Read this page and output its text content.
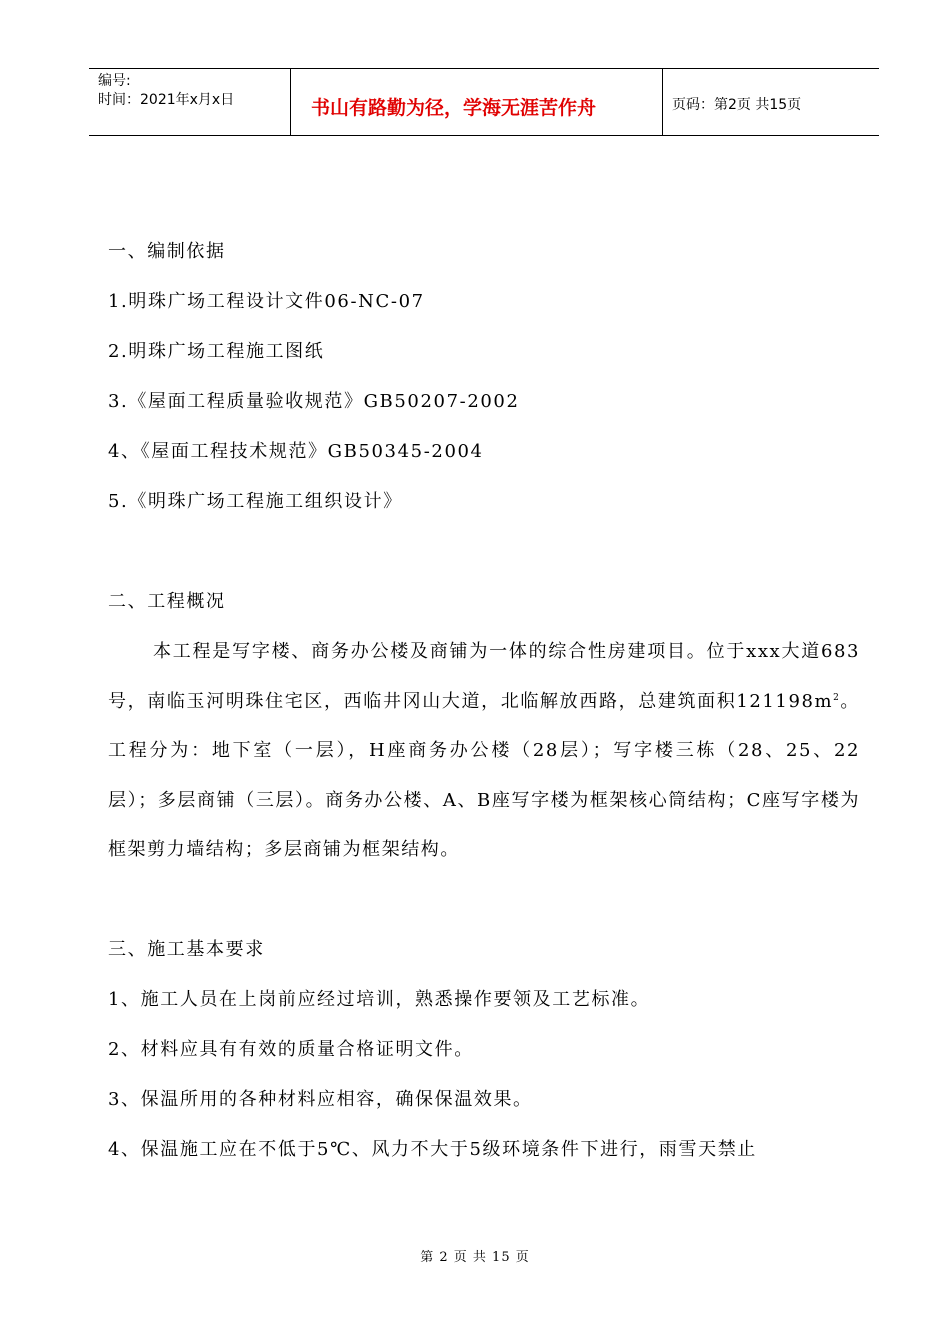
编号:
时间：2021年x月x日	书山有路勤为径，学海无涯苦作舟	页码：第2页 共15页
一、编制依据
1.明珠广场工程设计文件06-NC-07
2.明珠广场工程施工图纸
3.《屋面工程质量验收规范》GB50207-2002
4、《屋面工程技术规范》GB50345-2004
5.《明珠广场工程施工组织设计》
二、工程概况
本工程是写字楼、商务办公楼及商铺为一体的综合性房建项目。位于xxx大道683号，南临玉河明珠住宅区，西临井冈山大道，北临解放西路，总建筑面积$121198m^2$。工程分为：地下室（一层），H座商务办公楼（28层）；写字楼三栋（28、25、22层）；多层商铺（三层）。商务办公楼、A、B座写字楼为框架核心筒结构；C座写字楼为框架剪力墙结构；多层商铺为框架结构。
三、施工基本要求
1、施工人员在上岗前应经过培训，熟悉操作要领及工艺标准。
2、材料应具有有效的质量合格证明文件。
3、保温所用的各种材料应相容，确保保温效果。
4、保温施工应在不低于5℃、风力不大于5级环境条件下进行，雨雪天禁止
第 2 页 共 15 页
